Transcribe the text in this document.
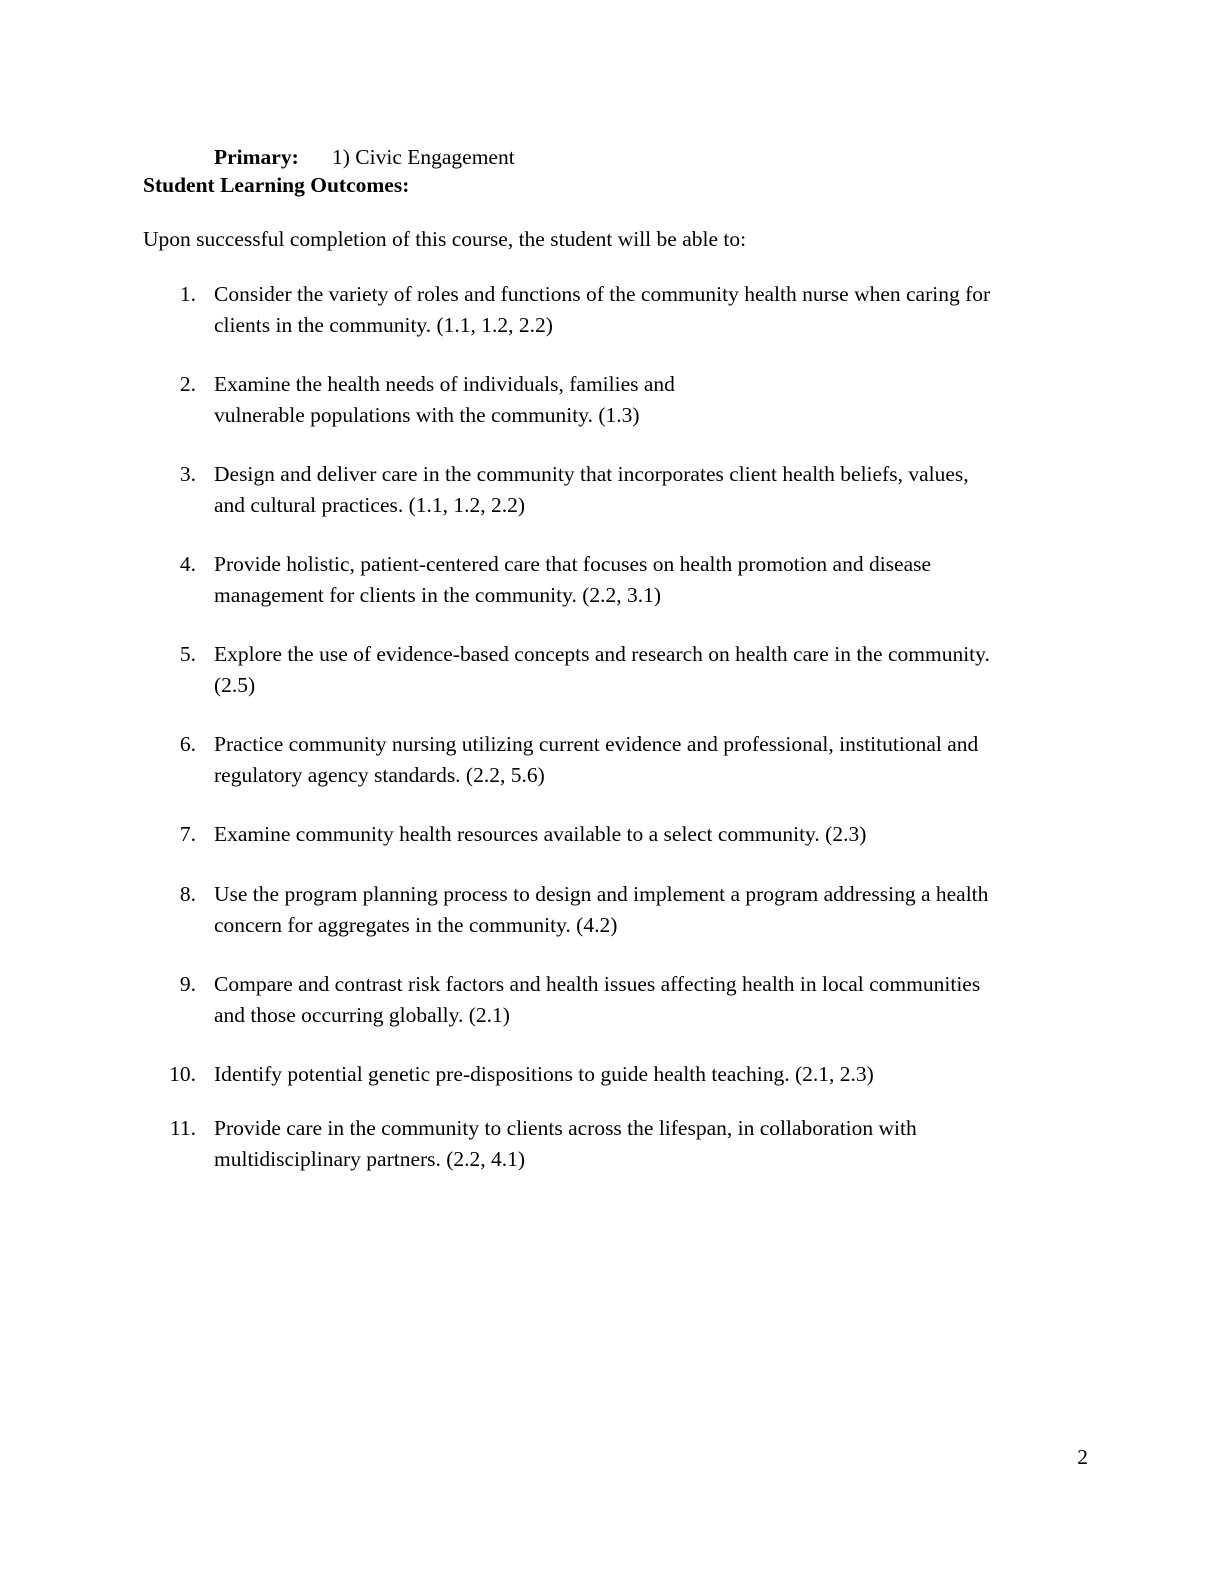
Primary: 1) Civic Engagement
Student Learning Outcomes:
Upon successful completion of this course, the student will be able to:
1. Consider the variety of roles and functions of the community health nurse when caring for
clients in the community. (1.1, 1.2, 2.2)
2. Examine the health needs of individuals, families and
vulnerable populations with the community. (1.3)
3. Design and deliver care in the community that incorporates client health beliefs, values,
and cultural practices. (1.1, 1.2, 2.2)
4. Provide holistic, patient-centered care that focuses on health promotion and disease
management for clients in the community. (2.2, 3.1)
5. Explore the use of evidence-based concepts and research on health care in the community.
(2.5)
6. Practice community nursing utilizing current evidence and professional, institutional and
regulatory agency standards. (2.2, 5.6)
7. Examine community health resources available to a select community. (2.3)
8. Use the program planning process to design and implement a program addressing a health
concern for aggregates in the community. (4.2)
9. Compare and contrast risk factors and health issues affecting health in local communities
and those occurring globally. (2.1)
10. Identify potential genetic pre-dispositions to guide health teaching. (2.1, 2.3)
11. Provide care in the community to clients across the lifespan, in collaboration with
multidisciplinary partners. (2.2, 4.1)
2
